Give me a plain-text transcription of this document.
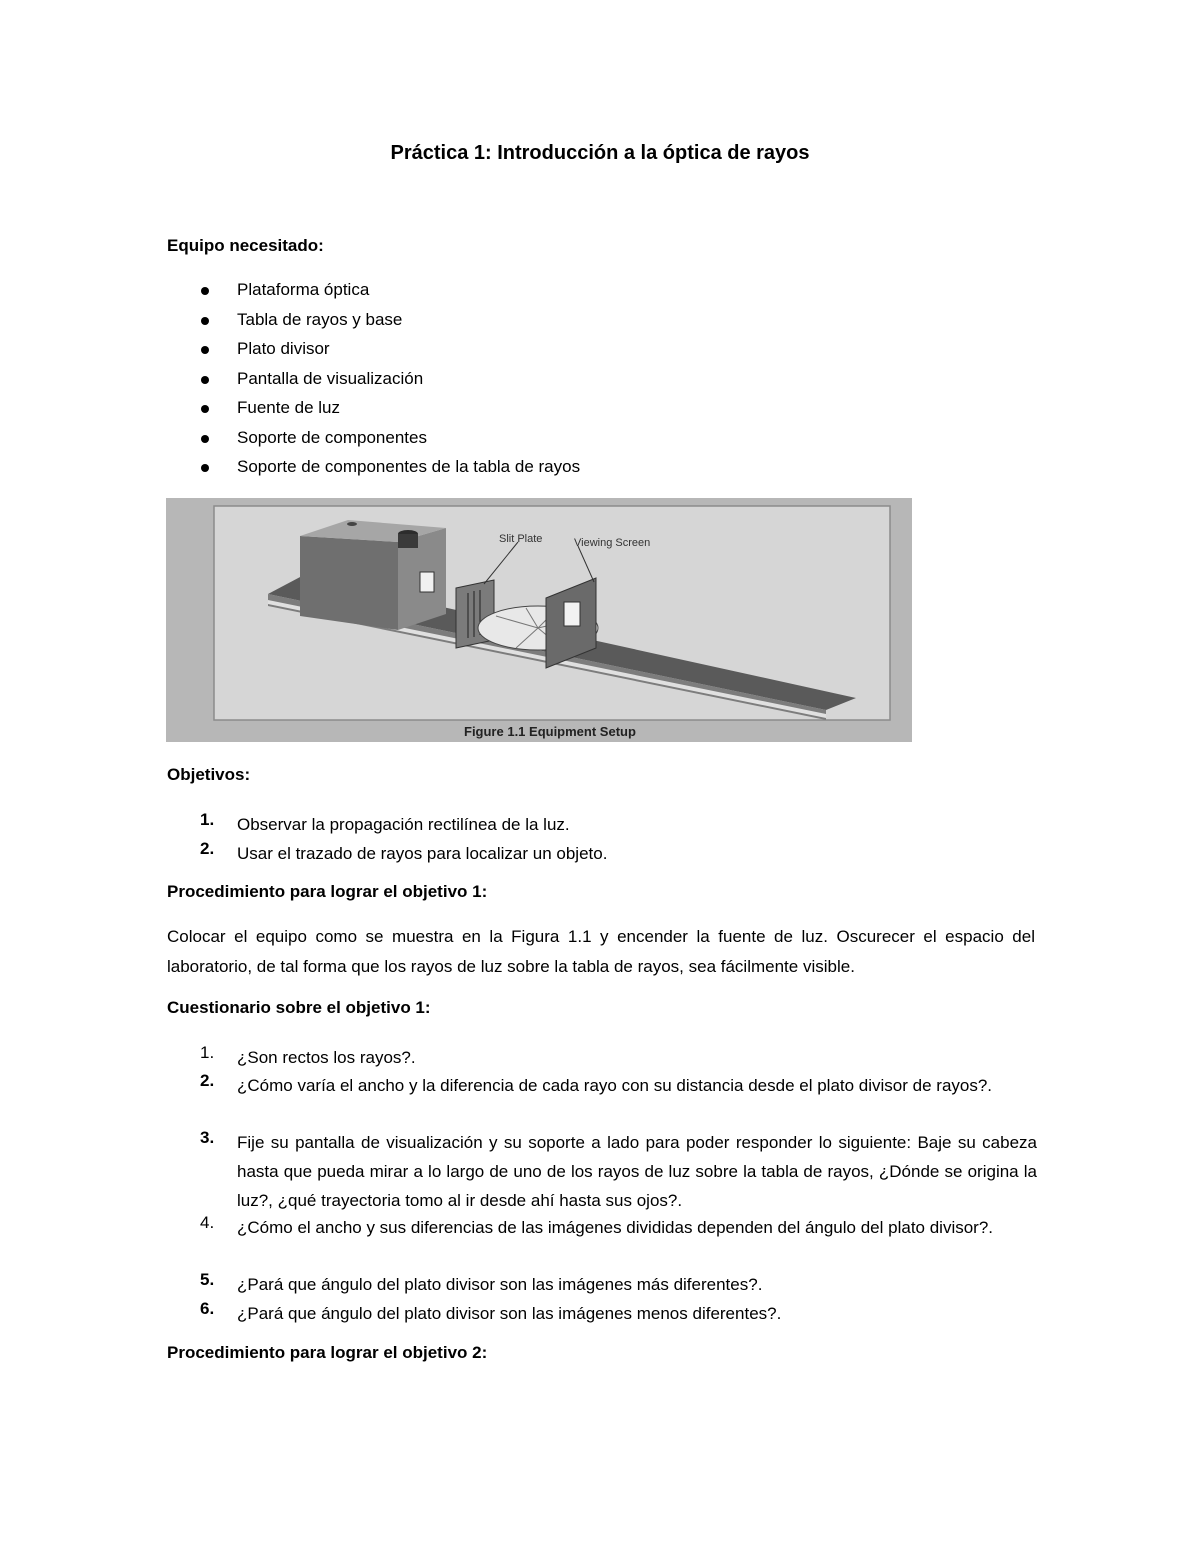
Práctica 1: Introducción a la óptica de rayos
Equipo necesitado:
Plataforma óptica
Tabla de rayos y base
Plato divisor
Pantalla de visualización
Fuente de luz
Soporte de componentes
Soporte de componentes de la tabla de rayos
Slit Plate	Viewing Screen
Figure 1.1 Equipment Setup
Objetivos:
1.	Observar la propagación rectilínea de la luz.
2.	Usar el trazado de rayos para localizar un objeto.
Procedimiento para lograr el objetivo 1:
Colocar el equipo como se muestra en la Figura 1.1 y encender la fuente de luz. Oscurecer el espacio del laboratorio, de tal forma que los rayos de luz sobre la tabla de rayos, sea fácilmente visible.
Cuestionario sobre el objetivo 1:
1.	¿Son rectos los rayos?.
2.	¿Cómo varía el ancho y la diferencia de cada rayo con su distancia desde el plato divisor de rayos?.
3.	Fije su pantalla de visualización y su soporte a lado para poder responder lo siguiente: Baje su cabeza hasta que pueda mirar a lo largo de uno de los rayos de luz sobre la tabla de rayos, ¿Dónde se origina la luz?, ¿qué trayectoria tomo al ir desde ahí hasta sus ojos?.
4.	¿Cómo el ancho y sus diferencias de las imágenes divididas dependen del ángulo del plato divisor?.
5.	¿Pará que ángulo del plato divisor son las imágenes más diferentes?.
6.	¿Pará que ángulo del plato divisor son las imágenes menos diferentes?.
Procedimiento para lograr el objetivo 2:
